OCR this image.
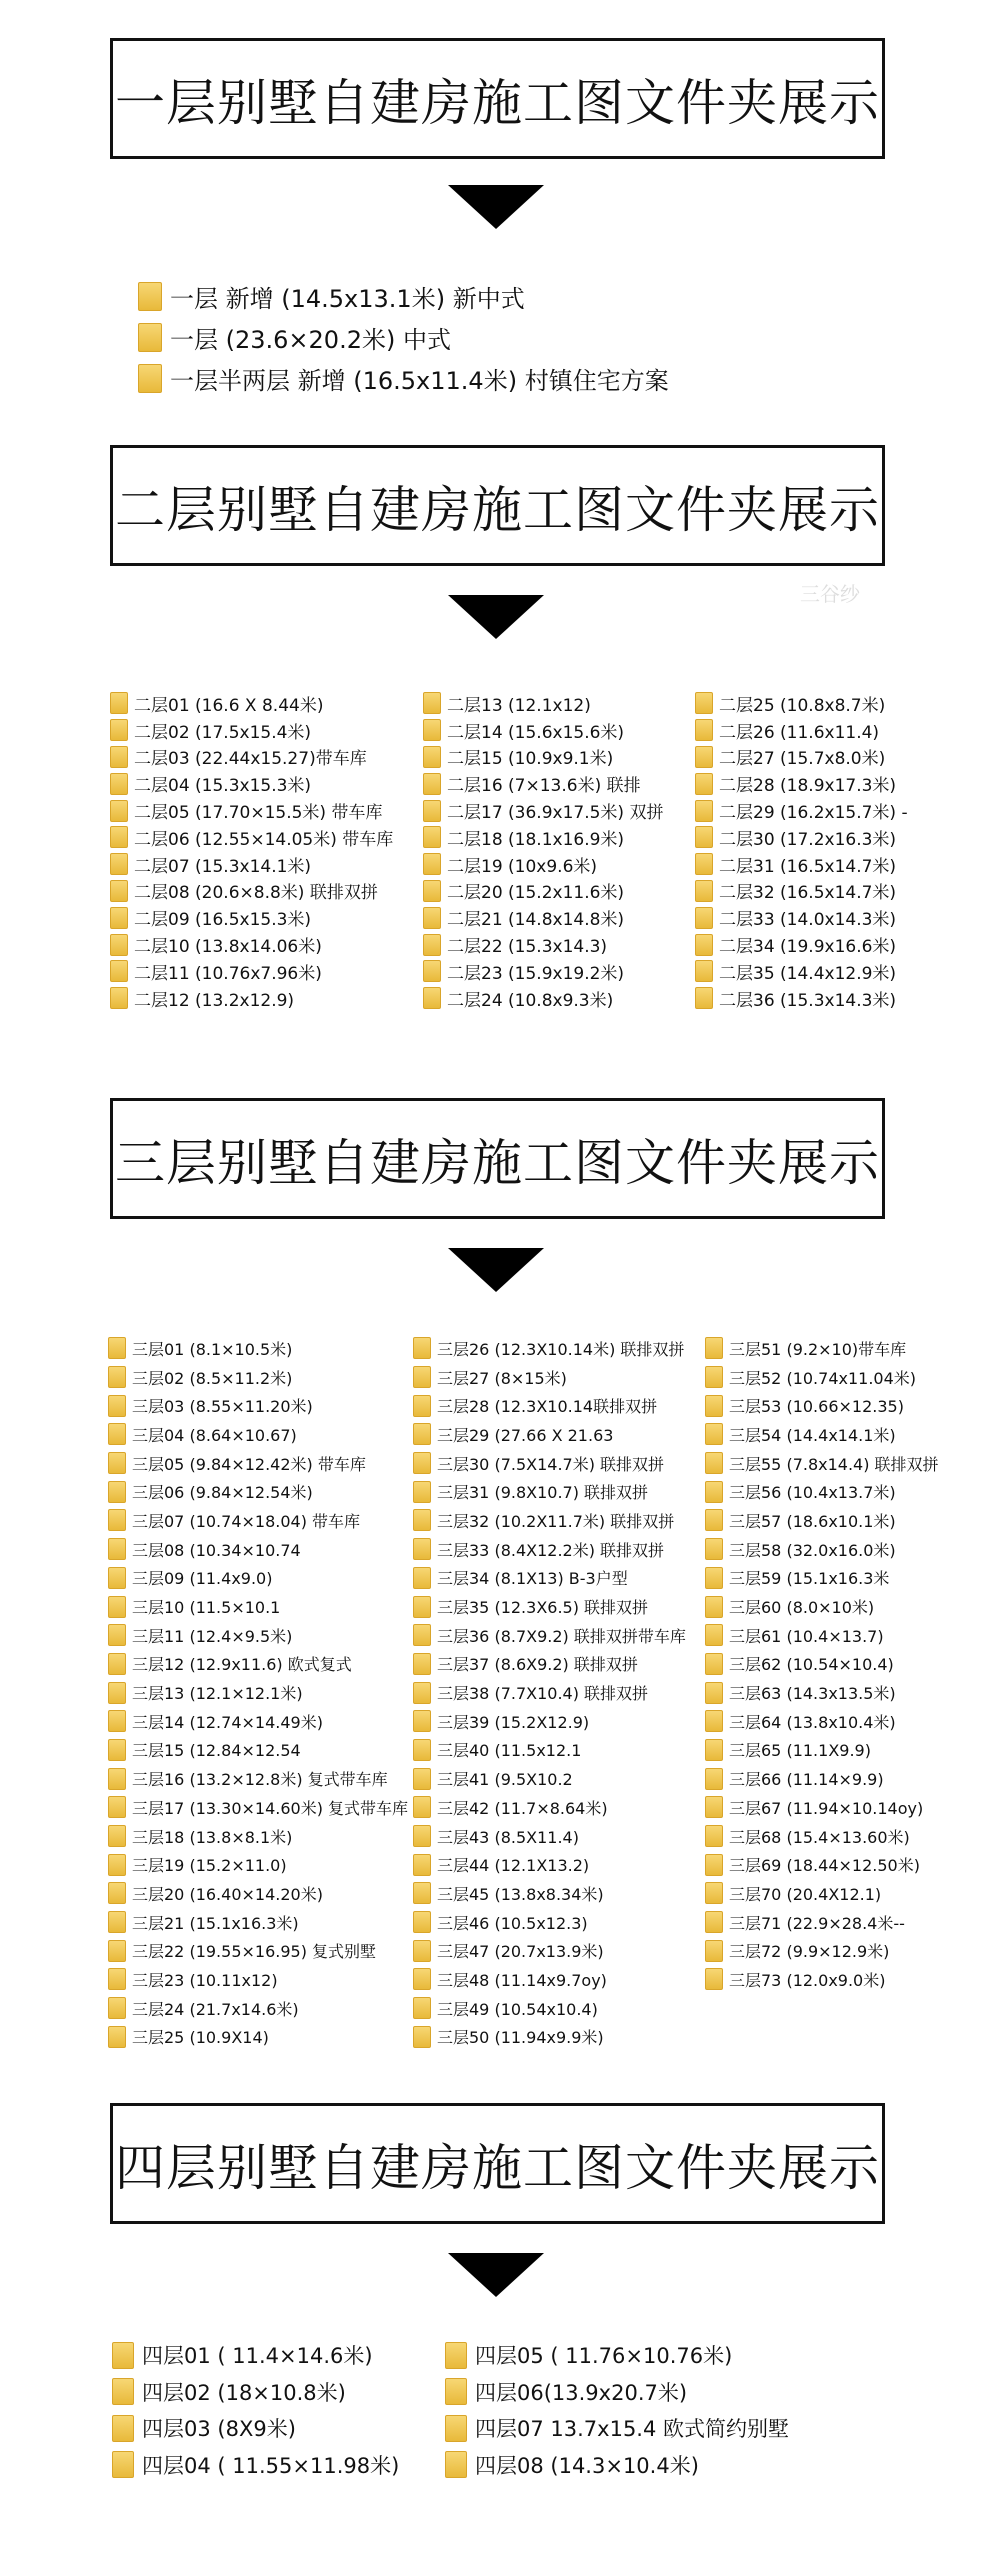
一层别墅自建房施工图文件夹展示
一层 新增 (14.5x13.1米) 新中式
一层 (23.6×20.2米) 中式
一层半两层 新增 (16.5x11.4米) 村镇住宅方案
二层别墅自建房施工图文件夹展示
三谷纱
二层01 (16.6 X 8.44米)
二层02 (17.5x15.4米)
二层03 (22.44x15.27)带车库
二层04 (15.3x15.3米)
二层05 (17.70×15.5米) 带车库
二层06 (12.55×14.05米) 带车库
二层07 (15.3x14.1米)
二层08 (20.6×8.8米) 联排双拼
二层09 (16.5x15.3米)
二层10 (13.8x14.06米)
二层11 (10.76x7.96米)
二层12 (13.2x12.9)
二层13 (12.1x12)
二层14 (15.6x15.6米)
二层15 (10.9x9.1米)
二层16 (7×13.6米) 联排
二层17 (36.9x17.5米) 双拼
二层18 (18.1x16.9米)
二层19 (10x9.6米)
二层20 (15.2x11.6米)
二层21 (14.8x14.8米)
二层22 (15.3x14.3)
二层23 (15.9x19.2米)
二层24 (10.8x9.3米)
二层25 (10.8x8.7米)
二层26 (11.6x11.4)
二层27 (15.7x8.0米)
二层28 (18.9x17.3米)
二层29 (16.2x15.7米) -
二层30 (17.2x16.3米)
二层31 (16.5x14.7米)
二层32 (16.5x14.7米)
二层33 (14.0x14.3米)
二层34 (19.9x16.6米)
二层35 (14.4x12.9米)
二层36 (15.3x14.3米)
三层别墅自建房施工图文件夹展示
三层01 (8.1×10.5米)
三层02 (8.5×11.2米)
三层03 (8.55×11.20米)
三层04 (8.64×10.67)
三层05 (9.84×12.42米) 带车库
三层06 (9.84×12.54米)
三层07 (10.74×18.04) 带车库
三层08 (10.34×10.74
三层09 (11.4x9.0)
三层10 (11.5×10.1
三层11 (12.4×9.5米)
三层12 (12.9x11.6) 欧式复式
三层13 (12.1×12.1米)
三层14 (12.74×14.49米)
三层15 (12.84×12.54
三层16 (13.2×12.8米) 复式带车库
三层17 (13.30×14.60米) 复式带车库
三层18 (13.8×8.1米)
三层19 (15.2×11.0)
三层20 (16.40×14.20米)
三层21 (15.1x16.3米)
三层22 (19.55×16.95) 复式别墅
三层23 (10.11x12)
三层24 (21.7x14.6米)
三层25 (10.9X14)
三层26 (12.3X10.14米) 联排双拼
三层27 (8×15米)
三层28 (12.3X10.14联排双拼
三层29 (27.66 X 21.63
三层30 (7.5X14.7米) 联排双拼
三层31 (9.8X10.7) 联排双拼
三层32 (10.2X11.7米) 联排双拼
三层33 (8.4X12.2米) 联排双拼
三层34 (8.1X13) B-3户型
三层35 (12.3X6.5) 联排双拼
三层36 (8.7X9.2) 联排双拼带车库
三层37 (8.6X9.2) 联排双拼
三层38 (7.7X10.4) 联排双拼
三层39 (15.2X12.9)
三层40 (11.5x12.1
三层41 (9.5X10.2
三层42 (11.7×8.64米)
三层43 (8.5X11.4)
三层44 (12.1X13.2)
三层45 (13.8x8.34米)
三层46 (10.5x12.3)
三层47 (20.7x13.9米)
三层48 (11.14x9.7oy)
三层49 (10.54x10.4)
三层50 (11.94x9.9米)
三层51 (9.2×10)带车库
三层52 (10.74x11.04米)
三层53 (10.66×12.35)
三层54 (14.4x14.1米)
三层55 (7.8x14.4) 联排双拼
三层56 (10.4x13.7米)
三层57 (18.6x10.1米)
三层58 (32.0x16.0米)
三层59 (15.1x16.3米
三层60 (8.0×10米)
三层61 (10.4×13.7)
三层62 (10.54×10.4)
三层63 (14.3x13.5米)
三层64 (13.8x10.4米)
三层65 (11.1X9.9)
三层66 (11.14×9.9)
三层67 (11.94×10.14oy)
三层68 (15.4×13.60米)
三层69 (18.44×12.50米)
三层70 (20.4X12.1)
三层71 (22.9×28.4米--
三层72 (9.9×12.9米)
三层73 (12.0x9.0米)
四层别墅自建房施工图文件夹展示
四层01 ( 11.4×14.6米)
四层02 (18×10.8米)
四层03 (8X9米)
四层04 ( 11.55×11.98米)
四层05 ( 11.76×10.76米)
四层06(13.9x20.7米)
四层07 13.7x15.4 欧式简约别墅
四层08 (14.3×10.4米)
